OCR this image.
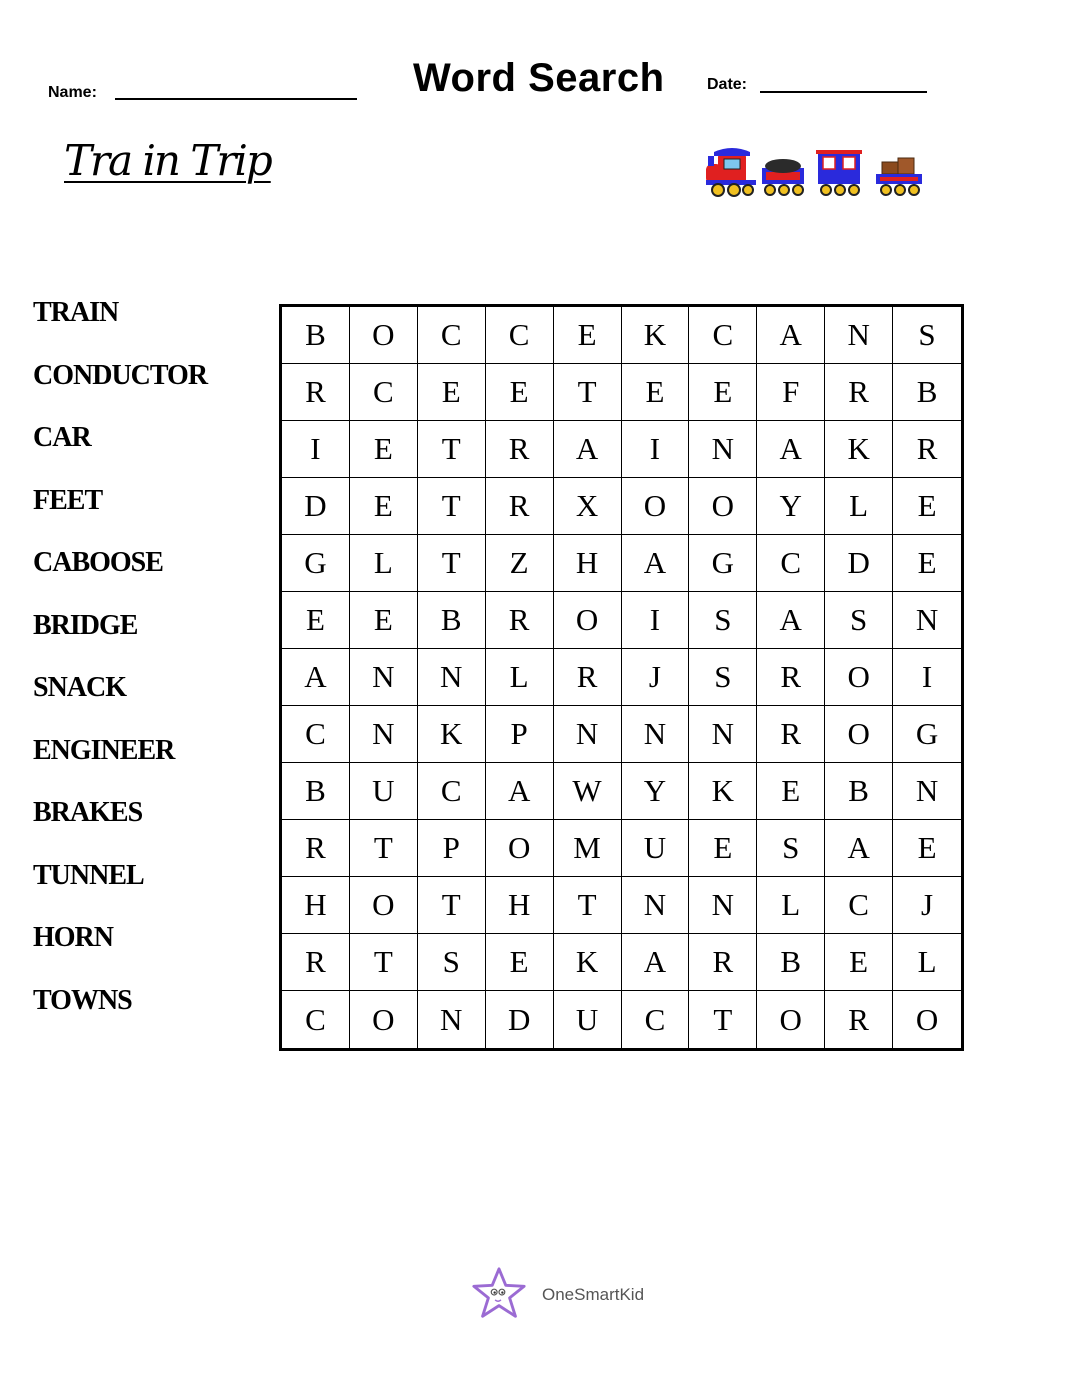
Name:	Word Search	Date:
Tra in Trip
TRAIN
CONDUCTOR
CAR
FEET
CABOOSE
BRIDGE
SNACK
ENGINEER
BRAKES
TUNNEL
HORN
TOWNS
B	O	C	C	E	K	C	A	N	S
R	C	E	E	T	E	E	F	R	B
I	E	T	R	A	I	N	A	K	R
D	E	T	R	X	O	O	Y	L	E
G	L	T	Z	H	A	G	C	D	E
E	E	B	R	O	I	S	A	S	N
A	N	N	L	R	J	S	R	O	I
C	N	K	P	N	N	N	R	O	G
B	U	C	A	W	Y	K	E	B	N
R	T	P	O	M	U	E	S	A	E
H	O	T	H	T	N	N	L	C	J
R	T	S	E	K	A	R	B	E	L
C	O	N	D	U	C	T	O	R	O
OneSmartKid
